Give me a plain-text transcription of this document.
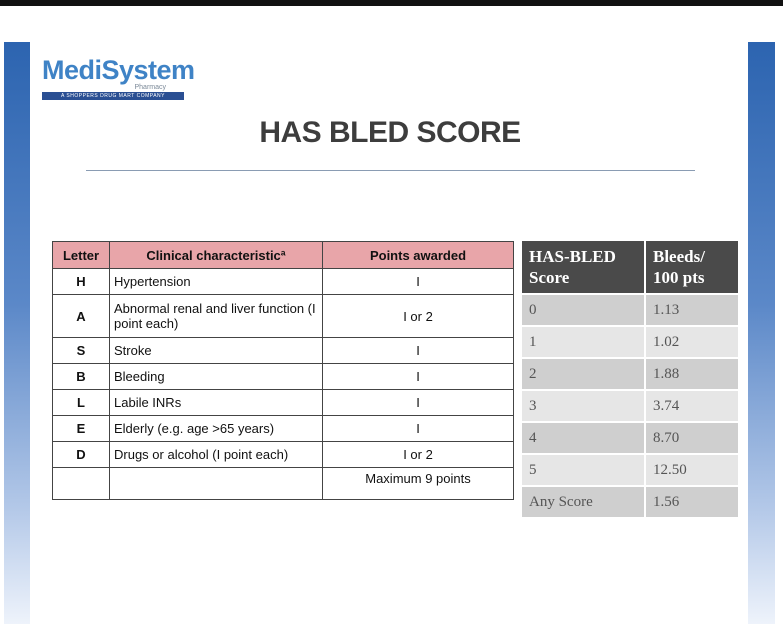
MediSystem
Pharmacy
A SHOPPERS DRUG MART COMPANY
HAS BLED SCORE
Letter	Clinical characteristicª	Points awarded
H	Hypertension	I
A	Abnormal renal and liver function (I point each)	I or 2
S	Stroke	I
B	Bleeding	I
L	Labile INRs	I
E	Elderly (e.g. age >65 years)	I
D	Drugs or alcohol (I point each)	I or 2
		Maximum 9 points
HAS-BLED Score	Bleeds/ 100 pts
0	1.13
1	1.02
2	1.88
3	3.74
4	8.70
5	12.50
Any Score	1.56
